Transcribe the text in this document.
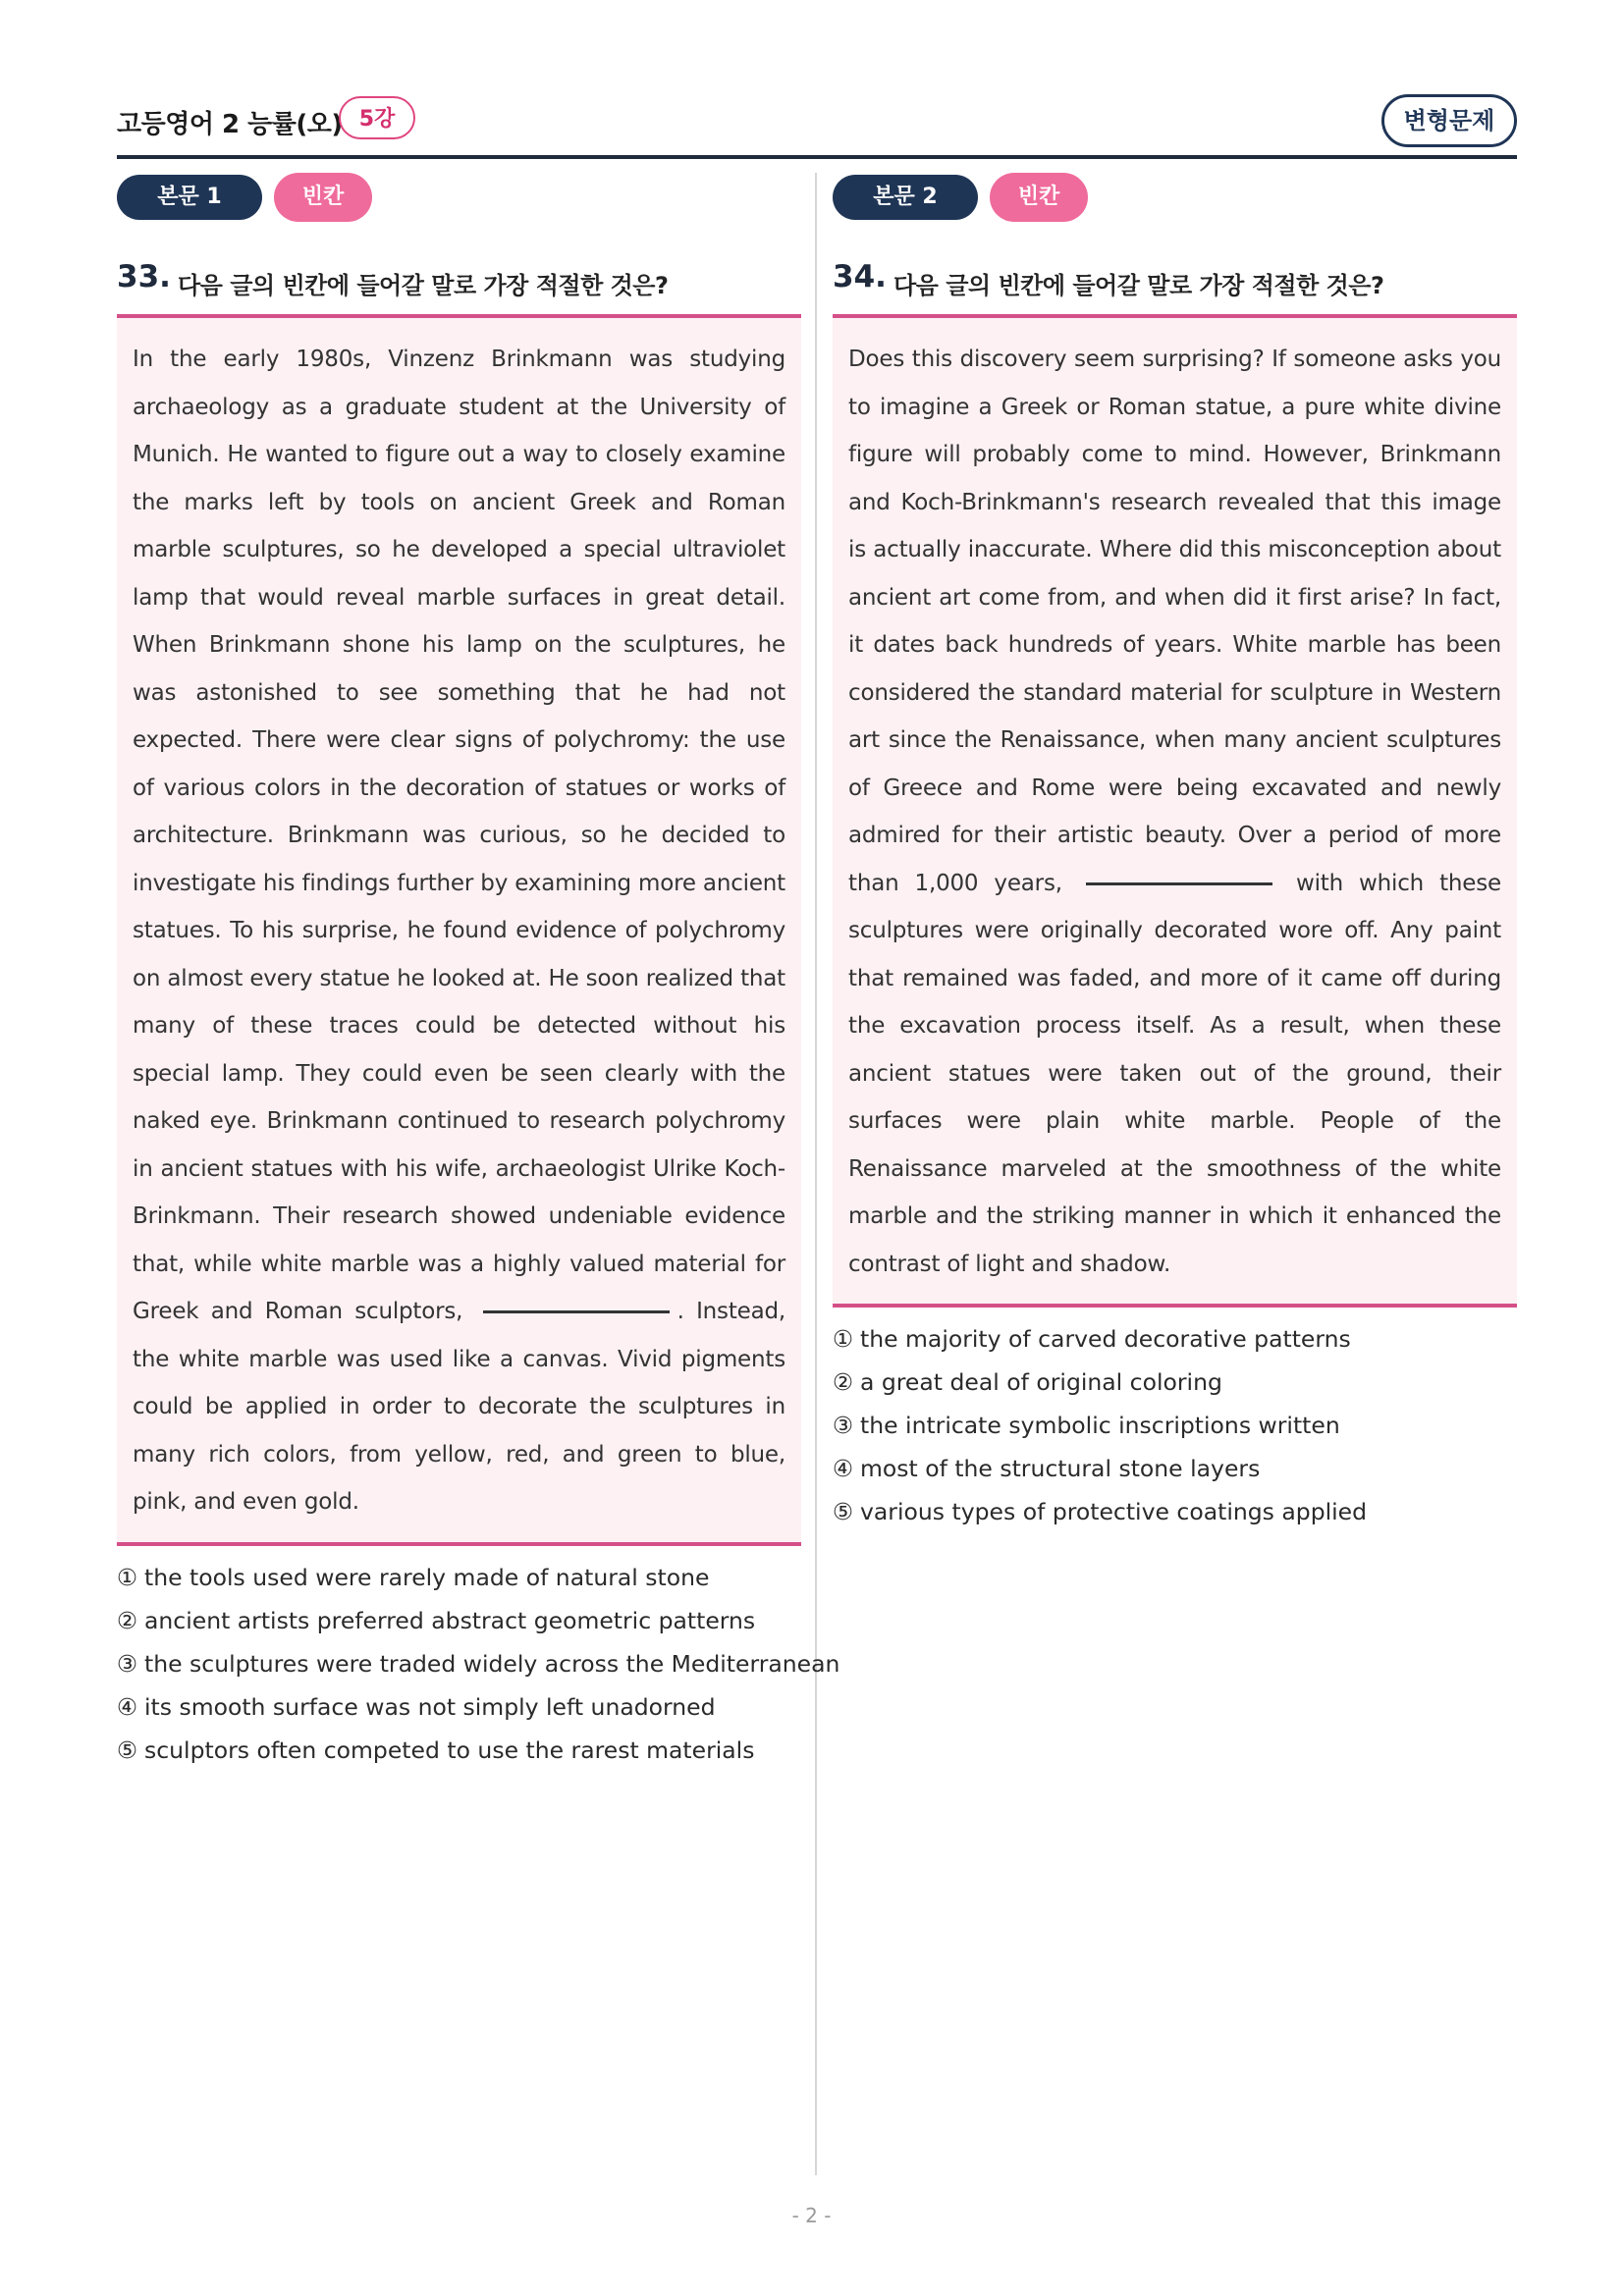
고등영어 2 능률(오) 5강	변형문제
본문 1	빈칸
33. 다음 글의 빈칸에 들어갈 말로 가장 적절한 것은?

In the early 1980s, Vinzenz Brinkmann was studying archaeology as a graduate student at the University of Munich. He wanted to figure out a way to closely examine the marks left by tools on ancient Greek and Roman marble sculptures, so he developed a special ultraviolet lamp that would reveal marble surfaces in great detail. When Brinkmann shone his lamp on the sculptures, he was astonished to see something that he had not expected. There were clear signs of polychromy: the use of various colors in the decoration of statues or works of architecture. Brinkmann was curious, so he decided to investigate his findings further by examining more ancient statues. To his surprise, he found evidence of polychromy on almost every statue he looked at. He soon realized that many of these traces could be detected without his special lamp. They could even be seen clearly with the naked eye. Brinkmann continued to research polychromy in ancient statues with his wife, archaeologist Ulrike Koch-Brinkmann. Their research showed undeniable evidence that, while white marble was a highly valued material for Greek and Roman sculptors,	. Instead, the white marble was used like a canvas. Vivid pigments could be applied in order to decorate the sculptures in many rich colors, from yellow, red, and green to blue, pink, and even gold.

① the tools used were rarely made of natural stone
② ancient artists preferred abstract geometric patterns
③ the sculptures were traded widely across the Mediterranean
④ its smooth surface was not simply left unadorned
⑤ sculptors often competed to use the rarest materials
본문 2	빈칸
34. 다음 글의 빈칸에 들어갈 말로 가장 적절한 것은?

Does this discovery seem surprising? If someone asks you to imagine a Greek or Roman statue, a pure white divine figure will probably come to mind. However, Brinkmann and Koch-Brinkmann's research revealed that this image is actually inaccurate. Where did this misconception about ancient art come from, and when did it first arise? In fact, it dates back hundreds of years. White marble has been considered the standard material for sculpture in Western art since the Renaissance, when many ancient sculptures of Greece and Rome were being excavated and newly admired for their artistic beauty. Over a period of more than 1,000 years,	with which these sculptures were originally decorated wore off. Any paint that remained was faded, and more of it came off during the excavation process itself. As a result, when these ancient statues were taken out of the ground, their surfaces were plain white marble. People of the Renaissance marveled at the smoothness of the white marble and the striking manner in which it enhanced the contrast of light and shadow.

① the majority of carved decorative patterns
② a great deal of original coloring
③ the intricate symbolic inscriptions written
④ most of the structural stone layers
⑤ various types of protective coatings applied
- 2 -
